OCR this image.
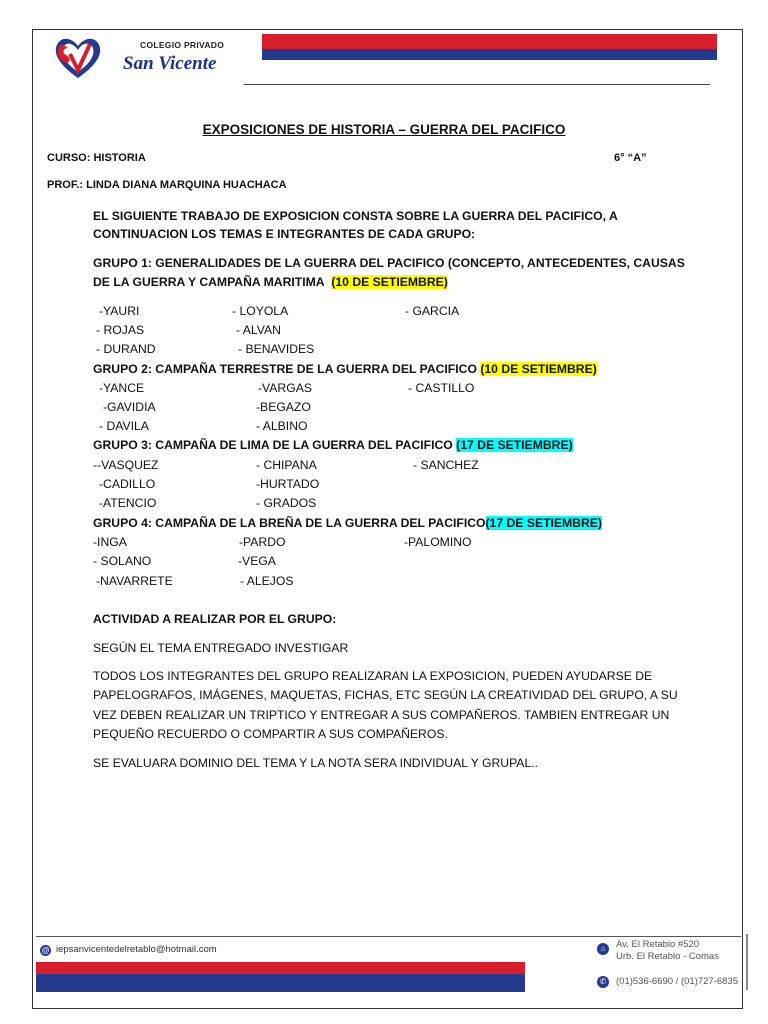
COLEGIO PRIVADO
San Vicente
EXPOSICIONES DE HISTORIA – GUERRA DEL PACIFICO
CURSO: HISTORIA	6° “A”
PROF.: LINDA DIANA MARQUINA HUACHACA
EL SIGUIENTE TRABAJO DE EXPOSICION CONSTA SOBRE LA GUERRA DEL PACIFICO, A
CONTINUACION LOS TEMAS E INTEGRANTES DE CADA GRUPO:
GRUPO 1: GENERALIDADES DE LA GUERRA DEL PACIFICO (CONCEPTO, ANTECEDENTES, CAUSAS
DE LA GUERRA Y CAMPAÑA MARITIMA (10 DE SETIEMBRE)
-YAURI	- LOYOLA	- GARCIA
- ROJAS	- ALVAN
- DURAND	- BENAVIDES
GRUPO 2: CAMPAÑA TERRESTRE DE LA GUERRA DEL PACIFICO (10 DE SETIEMBRE)
-YANCE	-VARGAS	- CASTILLO
-GAVIDIA	-BEGAZO
- DAVILA	- ALBINO
GRUPO 3: CAMPAÑA DE LIMA DE LA GUERRA DEL PACIFICO (17 DE SETIEMBRE)
--VASQUEZ	- CHIPANA	- SANCHEZ
-CADILLO	-HURTADO
-ATENCIO	- GRADOS
GRUPO 4: CAMPAÑA DE LA BREÑA DE LA GUERRA DEL PACIFICO(17 DE SETIEMBRE)
-INGA	-PARDO	-PALOMINO
- SOLANO	-VEGA
-NAVARRETE	- ALEJOS
ACTIVIDAD A REALIZAR POR EL GRUPO:
SEGÚN EL TEMA ENTREGADO INVESTIGAR
TODOS LOS INTEGRANTES DEL GRUPO REALIZARAN LA EXPOSICION, PUEDEN AYUDARSE DE
PAPELOGRAFOS, IMÁGENES, MAQUETAS, FICHAS, ETC SEGÚN LA CREATIVIDAD DEL GRUPO, A SU
VEZ DEBEN REALIZAR UN TRIPTICO Y ENTREGAR A SUS COMPAÑEROS. TAMBIEN ENTREGAR UN
PEQUEÑO RECUERDO O COMPARTIR A SUS COMPAÑEROS.
SE EVALUARA DOMINIO DEL TEMA Y LA NOTA SERA INDIVIDUAL Y GRUPAL..
@ iepsanvicentedelretablo@hotmail.com	⌂	Av. El Retablo #520
Urb. El Retablo - Comas
✆ (01)536-6690 / (01)727-6835
